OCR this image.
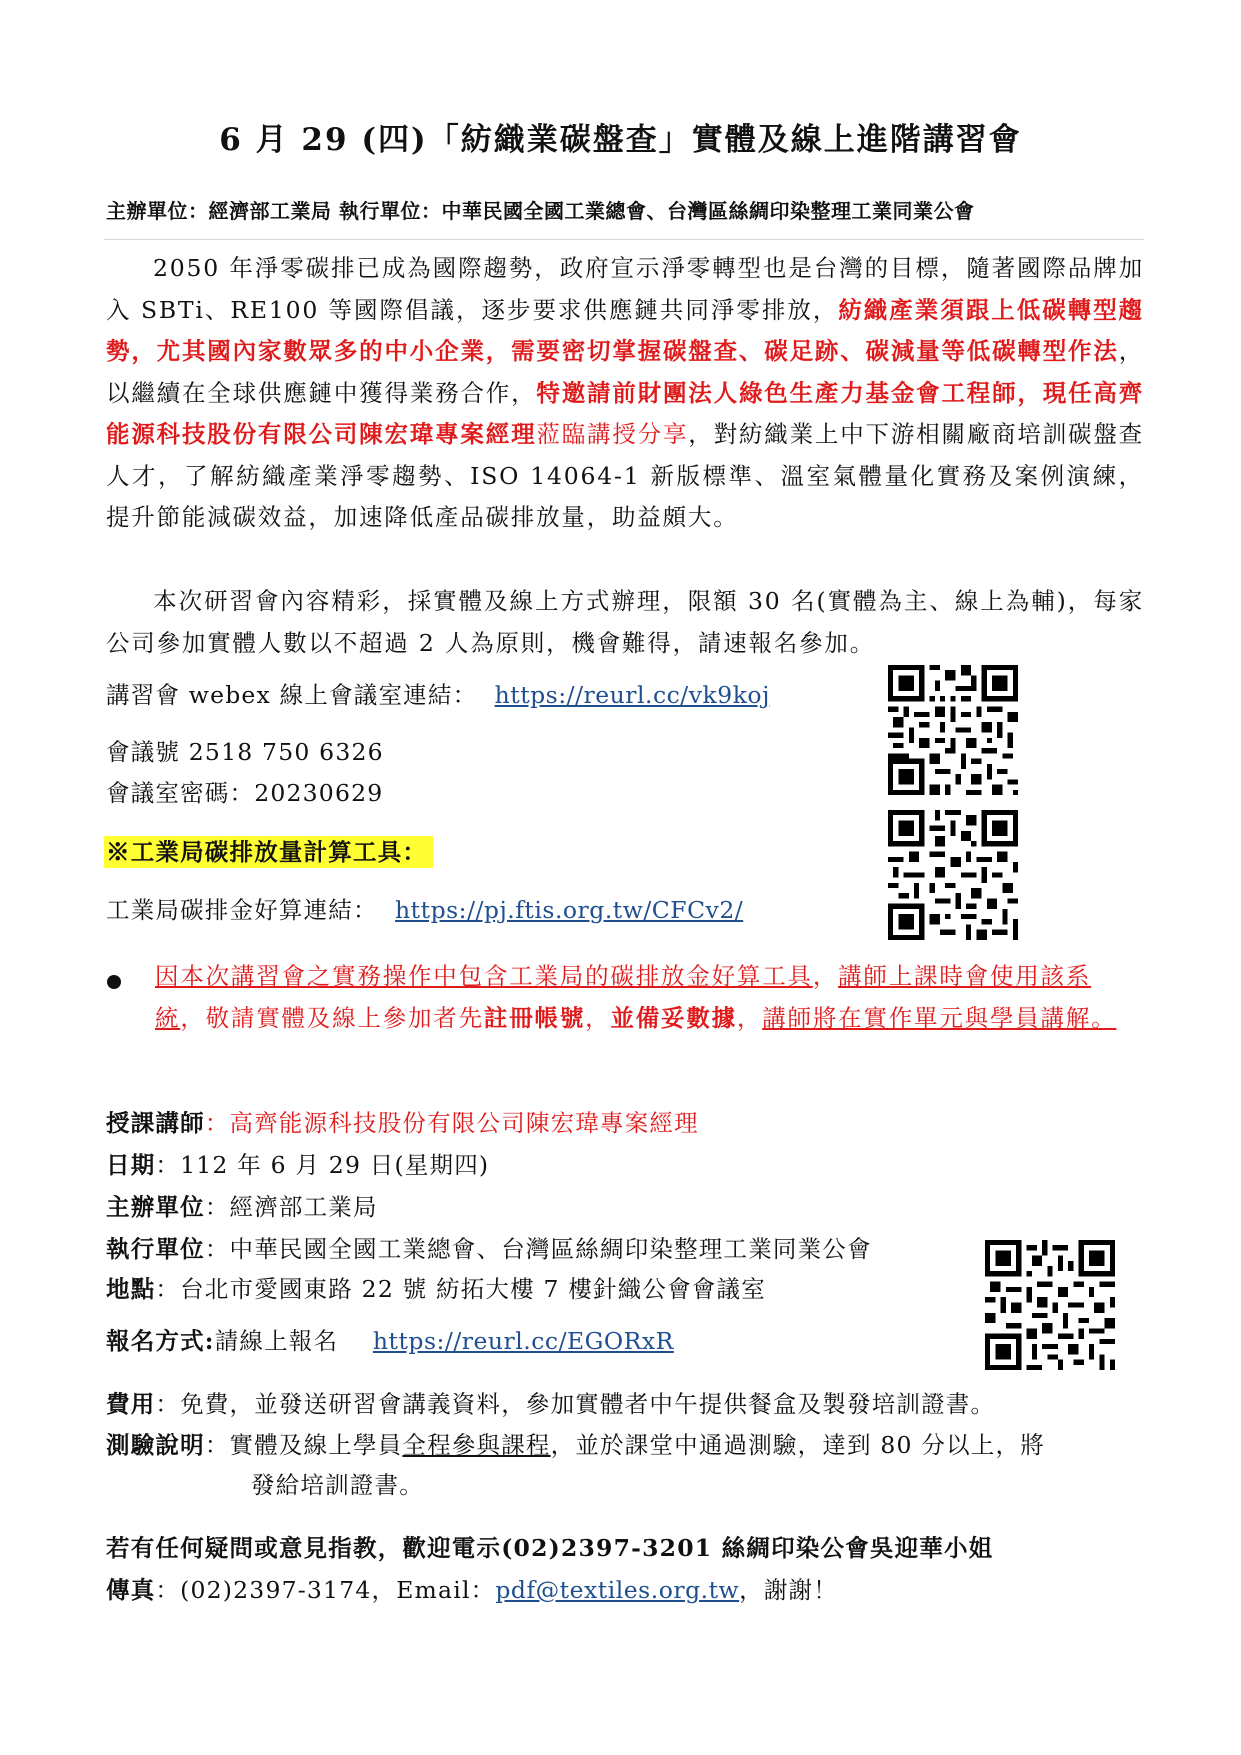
6 月 29 (四)「紡織業碳盤查」實體及線上進階講習會
主辦單位：經濟部工業局 執行單位：中華民國全國工業總會、台灣區絲綢印染整理工業同業公會
2050 年淨零碳排已成為國際趨勢，政府宣示淨零轉型也是台灣的目標，隨著國際品牌加入 SBTi、RE100 等國際倡議，逐步要求供應鏈共同淨零排放，紡織產業須跟上低碳轉型趨勢，尤其國內家數眾多的中小企業，需要密切掌握碳盤查、碳足跡、碳減量等低碳轉型作法，以繼續在全球供應鏈中獲得業務合作，特邀請前財團法人綠色生產力基金會工程師，現任高齊能源科技股份有限公司陳宏瑋專案經理蒞臨講授分享，對紡織業上中下游相關廠商培訓碳盤查人才，了解紡織產業淨零趨勢、ISO 14064-1 新版標準、溫室氣體量化實務及案例演練，提升節能減碳效益，加速降低產品碳排放量，助益頗大。
本次研習會內容精彩，採實體及線上方式辦理，限額 30 名(實體為主、線上為輔)，每家公司參加實體人數以不超過 2 人為原則，機會難得，請速報名參加。
講習會 webex 線上會議室連結： https://reurl.cc/vk9koj
會議號 2518 750 6326
會議室密碼：20230629
※工業局碳排放量計算工具：
工業局碳排金好算連結： https://pj.ftis.org.tw/CFCv2/
因本次講習會之實務操作中包含工業局的碳排放金好算工具，講師上課時會使用該系統，敬請實體及線上參加者先註冊帳號，並備妥數據，講師將在實作單元與學員講解。
授課講師：高齊能源科技股份有限公司陳宏瑋專案經理
日期：112 年 6 月 29 日(星期四)
主辦單位：經濟部工業局
執行單位：中華民國全國工業總會、台灣區絲綢印染整理工業同業公會
地點：台北市愛國東路 22 號 紡拓大樓 7 樓針織公會會議室
報名方式:請線上報名 https://reurl.cc/EGORxR
費用：免費，並發送研習會講義資料，參加實體者中午提供餐盒及製發培訓證書。
測驗說明：實體及線上學員全程參與課程，並於課堂中通過測驗，達到 80 分以上，將
發給培訓證書。
若有任何疑問或意見指教，歡迎電示(02)2397-3201 絲綢印染公會吳迎華小姐
傳真：(02)2397-3174，Email：pdf@textiles.org.tw，謝謝！
